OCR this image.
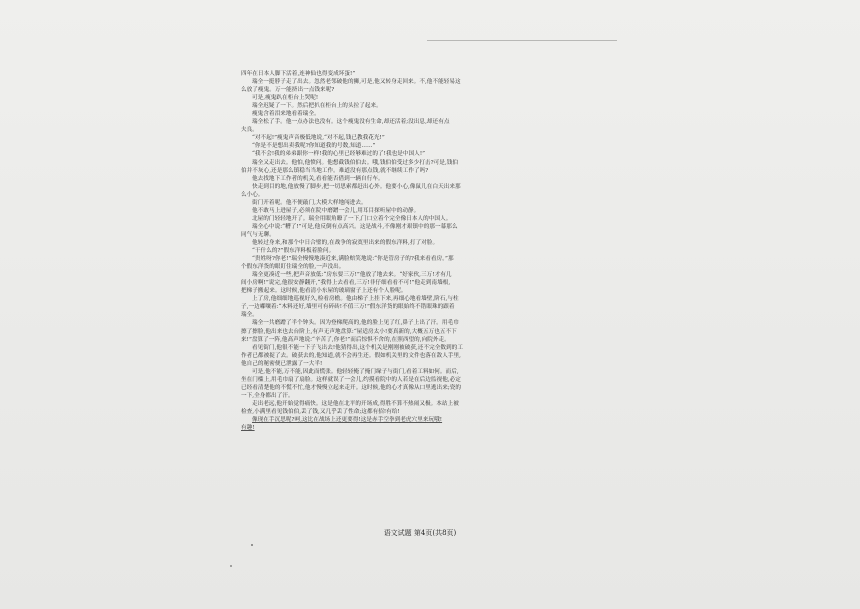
四年在日本人脚下活着,连神仙也得变成坏蛋!”
瑞全一挺脖子走了出去。忽然老邻破他的狮,可是,他又转身走回来。不,他不能轻易这
么放了瘦鬼。万一能挤出一点钱来呢?
可是,瘦鬼趴在柜台上哭呢!
瑞全迟疑了一下。然后把扒在柜台上的头拉了起来。
瘦鬼含着泪来地看着瑞全。
瑞全松了手。他一点办法也没有。这个瘦鬼没有生命,却还活着;没出息,却还有点
夫良。
“对不起!”瘦鬼声音极低地说,“对不起,钱已教我花光!”
“你是不是想出卖我呢?你知道我的号数,知道……”
“我不会!我的弟弟跟你一样!我的心里已经够难过的了!我也是中国人!”
瑞全又走出去。他怕,他愤问。他想截钱伯伯去。哦,钱伯伯受过多少打击?可是,钱伯
伯并不灰心,还是那么镇稳当当地工作。难道没有那点钱,就不继续工作了吗?
他去找地下工作者的机关,看看能否借到一辆自行车。
快走到目的地,他放慢了脚步,把一切思索都赶出心外。他要小心,像鼠儿在白天出来那
么小心。
街门开着呢。他不便敲门,大模大样地闯进去。
他不敢马上进屋子,必须在院中磨蹭一会儿,用耳目探听屋中的动静。
北屋的门轻轻地开了。瑞全用眼角瞭了一下,门口立着个完全像日本人的中国人。
瑞全心中说:“糟了!”可是,他反倒有点高兴。这是战斗,不像刚才艰镇中的那一幕那么
同气与无聊。
他转过身来,和那个中日合璧的,在战争的寂寞里出来的假东洋料,打了对脸。
“干什么的?”假东洋料板着脸问。
“贵姓呀?你老!”瑞全慢慢地凑近来,满脸赔笑地说:“你是管房子的?我来看看房。”那
个假东洋货的眼盯住瑞全的脸,一声没出。
瑞全更凑近一些,把声音放低:“房东要三万!”他放了地去来。“好家伙,三万!才有几
间小房啊!”说完,他很安静翻开,“我得上去看看,三万!非仔细看看不可!”他走到南墙根,
把梯子搬起来。这时候,他看清小东屋的玻璃窗子上还有个人脸呢。
上了房,他细细地巡视好久,检看房檐。他由梯子上挂下来,再细心地看墙壁,阶石,与柱
子,一边嘟嚷着:“木料还好,墙里可有碎砖!不值三万!”假东洋货的眼始终不错眼珠的跟着
瑞全。
瑞全一共磨蹭了半个钟头。因为登梯爬高的,他的脸上见了红,鼻子上出了汗。用毛巾
擦了擦脸,他出来也去台阶上,有声无声地盘算:“屋适房太小!要真新的,大概五万也五不下
来!”盘算了一阵,他高声地说:“辛苦了,你老!”而后惊惧不舍的,在照西望的,向院外走。
看见街门,他很不能一下子飞出去!他猜得出,这个机关是刚刚被破获,还不完全数到的工
作者已都被捉了去。破获去的,他知道,就不会再生还。假如机关里的文件也落在敌人手里,
他自己的秘密便已泄露了一大半!
可是,他不能,万不能,因此而慌张。他轻轻掩了掩门缘子与街门,看着工料如何。而后,
坐在门槛上,用毛巾扇了扇脸。这样就误了一会儿,约摸看院中的人若是在后边监视他,必定
已经看清楚他的不慌不忙,他才慢慢立起来走开。这时候,他的心才真像从口里逃出来;瓷的
一下,全身都出了汗。
走出老远,他开始觉得痛快。这是他在北平的开场成,得胜不算不热闹又极。本站上被
检查,小满里看见钱伯伯,丢了钱,又几乎丢了性命;这都有招!有给!
像现在手沉思呢?呵,这比在战场上还更要得!这是赤手空拳到老虎穴里来玩哦!
有趣!
语文试题 第4页(共8页)
